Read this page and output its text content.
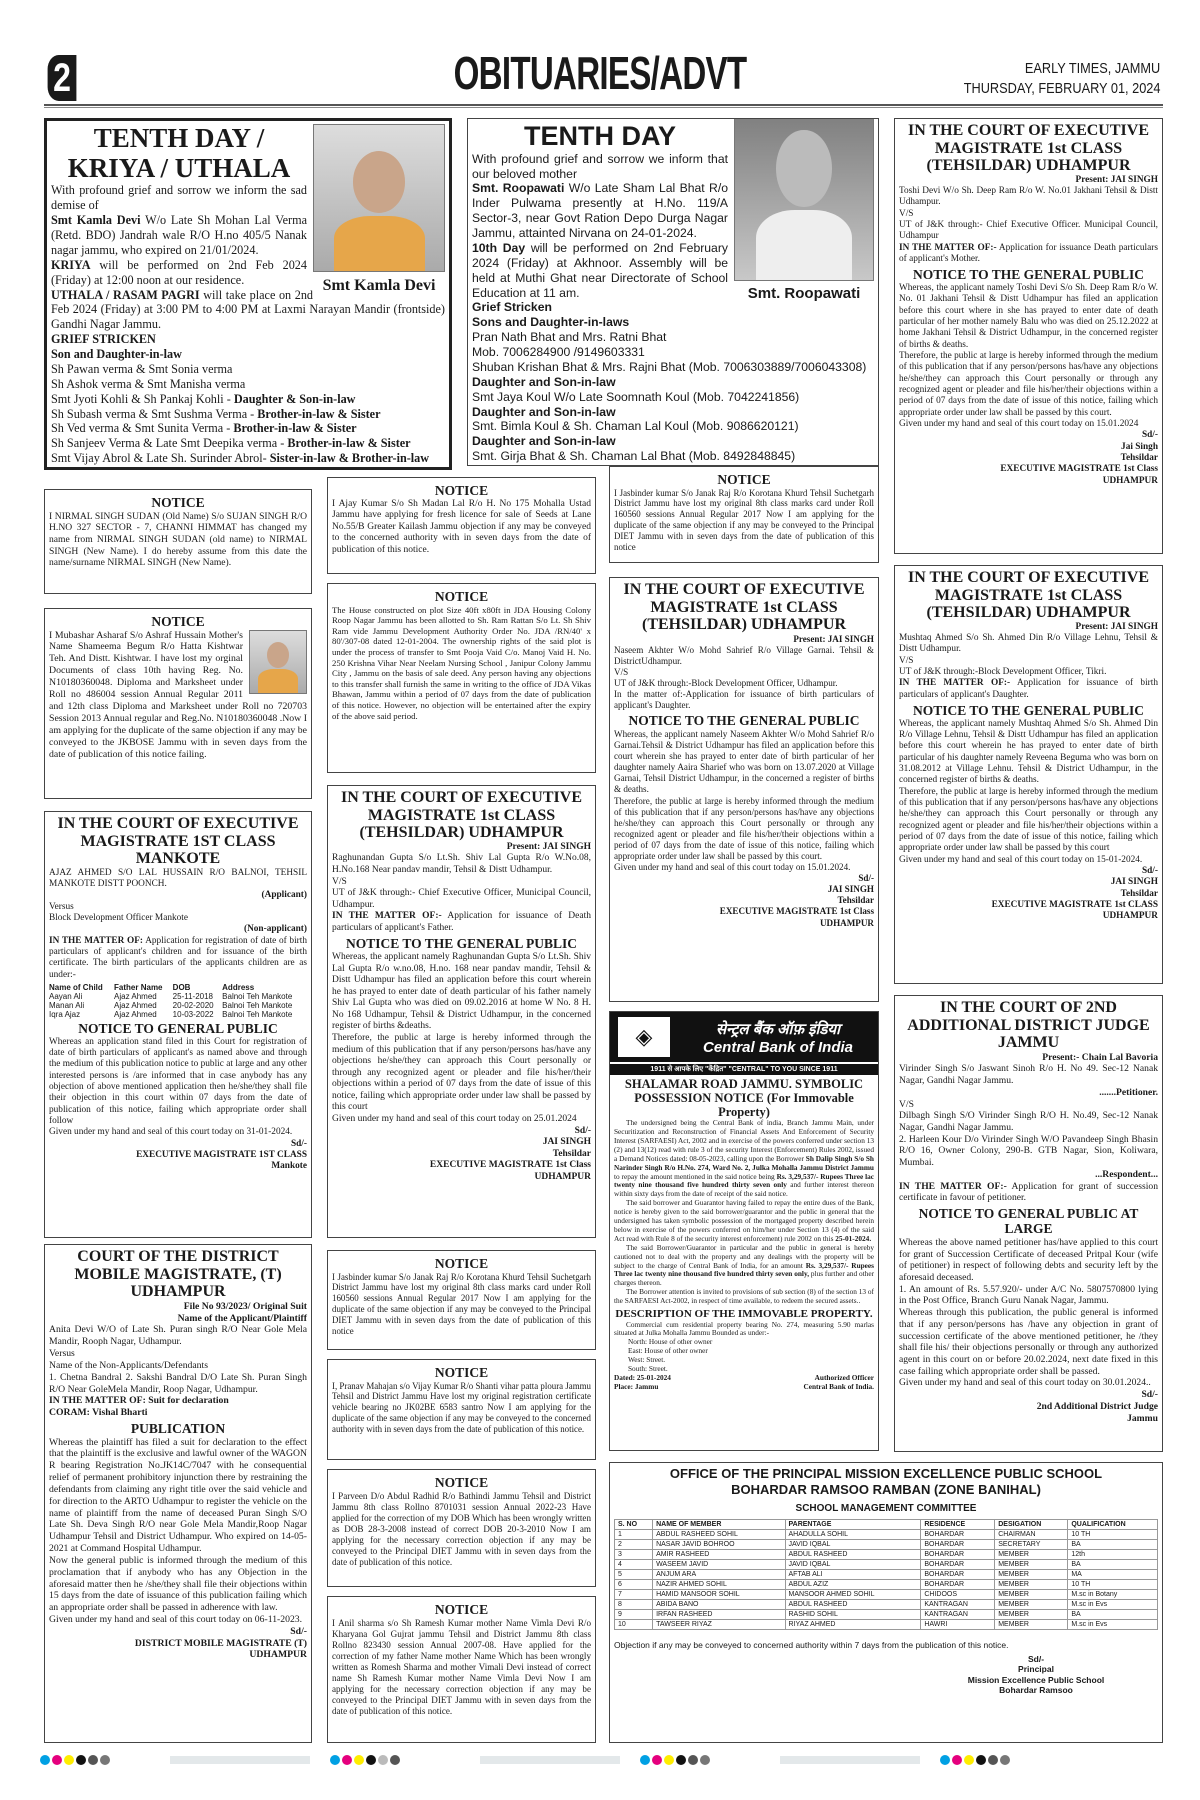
2	OBITUARIES/ADVT	EARLY TIMES, JAMMU
THURSDAY, FEBRUARY 01, 2024
Smt Kamla Devi
TENTH DAY / KRIYA / UTHALA
With profound grief and sorrow we inform the sad demise of
Smt Kamla Devi W/o Late Sh Mohan Lal Verma (Retd. BDO) Jandrah wale R/O H.no 405/5 Nanak nagar jammu, who expired on 21/01/2024.
KRIYA will be performed on 2nd Feb 2024 (Friday) at 12:00 noon at our residence.
UTHALA / RASAM PAGRI will take place on 2nd Feb 2024 (Friday) at 3:00 PM to 4:00 PM at Laxmi Narayan Mandir (frontside) Gandhi Nagar Jammu.
GRIEF STRICKEN
Son and Daughter-in-law
Sh Pawan verma & Smt Sonia verma
Sh Ashok verma & Smt Manisha verma
Smt Jyoti Kohli & Sh Pankaj Kohli - Daughter & Son-in-law
Sh Subash verma & Smt Sushma Verma - Brother-in-law & Sister
Sh Ved verma & Smt Sunita Verma - Brother-in-law & Sister
Sh Sanjeev Verma & Late Smt Deepika verma - Brother-in-law & Sister
Smt Vijay Abrol & Late Sh. Surinder Abrol- Sister-in-law & Brother-in-law
Smt. Roopawati
TENTH DAY
With profound grief and sorrow we inform that our beloved mother
Smt. Roopawati W/o Late Sham Lal Bhat R/o Inder Pulwama presently at H.No. 119/A Sector-3, near Govt Ration Depo Durga Nagar Jammu, attainted Nirvana on 24-01-2024.
10th Day will be performed on 2nd February 2024 (Friday) at Akhnoor. Assembly will be held at Muthi Ghat near Directorate of School Education at 11 am.
Grief Stricken
Sons and Daughter-in-laws
Pran Nath Bhat and Mrs. Ratni Bhat
Mob. 7006284900 /9149603331
Shuban Krishan Bhat & Mrs. Rajni Bhat (Mob. 7006303889/7006043308)
Daughter and Son-in-law
Smt Jaya Koul W/o Late Soomnath Koul (Mob. 7042241856)
Daughter and Son-in-law
Smt. Bimla Koul & Sh. Chaman Lal Koul (Mob. 9086620121)
Daughter and Son-in-law
Smt. Girja Bhat & Sh. Chaman Lal Bhat (Mob. 8492848845)
IN THE COURT OF EXECUTIVE MAGISTRATE 1st CLASS (TEHSILDAR) UDHAMPUR
Present: JAI SINGH
Toshi Devi W/o Sh. Deep Ram R/o W. No.01 Jakhani Tehsil & Distt Udhampur.
V/S
UT of J&K through:- Chief Executive Officer. Municipal Council, Udhampur
IN THE MATTER OF:- Application for issuance Death particulars of applicant's Mother.
NOTICE TO THE GENERAL PUBLIC
Whereas, the applicant namely Toshi Devi S/o Sh. Deep Ram R/o W. No. 01 Jakhani Tehsil & Distt Udhampur has filed an application before this court where in she has prayed to enter date of death particular of her mother namely Balu who was died on 25.12.2022 at home Jakhani Tehsil & District Udhampur, in the concerned register of births & deaths.
Therefore, the public at large is hereby informed through the medium of this publication that if any person/persons has/have any objections he/she/they can approach this Court personally or through any recognized agent or pleader and file his/her/their objections within a period of 07 days from the date of issue of this notice, failing which appropriate order under law shall be passed by this court.
Given under my hand and seal of this court today on 15.01.2024
Sd/-
Jai Singh
Tehsildar
EXECUTIVE MAGISTRATE 1st Class
UDHAMPUR
NOTICE
I NIRMAL SINGH SUDAN (Old Name) S/o SUJAN SINGH R/O H.NO 327 SECTOR - 7, CHANNI HIMMAT has changed my name from NIRMAL SINGH SUDAN (old name) to NIRMAL SINGH (New Name). I do hereby assume from this date the name/surname NIRMAL SINGH (New Name).
NOTICE
I Mubashar Asharaf S/o Ashraf Hussain Mother's Name Shameema Begum R/o Hatta Kishtwar Teh. And Distt. Kishtwar. I have lost my orginal Documents of class 10th having Reg. No. N10180360048. Diploma and Marksheet under Roll no 486004 session Annual Regular 2011 and 12th class Diploma and Marksheet under Roll no 720703 Session 2013 Annual regular and Reg.No. N10180360048 .Now I am applying for the duplicate of the same objection if any may be conveyed to the JKBOSE Jammu with in seven days from the date of publication of this notice failing.
IN THE COURT OF EXECUTIVE MAGISTRATE 1ST CLASS MANKOTE
AJAZ AHMED S/O LAL HUSSAIN R/O BALNOI, TEHSIL MANKOTE DISTT POONCH.
(Applicant)
Versus
Block Development Officer Mankote
(Non-applicant)
IN THE MATTER OF: Application for registration of date of birth particulars of applicant's children and for issuance of the birth certificate. The birth particulars of the applicants children are as under:-
Name of Child	Father Name	DOB	Address
Aayan Ali	Ajaz Ahmed	25-11-2018	Balnoi Teh Mankote
Manan Ali	Ajaz Ahmed	20-02-2020	Balnoi Teh Mankote
Iqra Ajaz	Ajaz Ahmed	10-03-2022	Balnoi Teh Mankote
NOTICE TO GENERAL PUBLIC
Whereas an application stand filed in this Court for registration of date of birth particulars of applicant's as named above and through the medium of this publication notice to public at large and any other interested persons is /are informed that in case anybody has any objection of above mentioned application then he/she/they shall file their objection in this court within 07 days from the date of publication of this notice, failing which appropriate order shall follow
Given under my hand and seal of this court today on 31-01-2024.
Sd/-
EXECUTIVE MAGISTRATE 1ST CLASS
Mankote
COURT OF THE DISTRICT MOBILE MAGISTRATE, (T) UDHAMPUR
File No 93/2023/ Original Suit
Name of the Applicant/Plaintiff
Anita Devi W/O of Late Sh. Puran singh R/O Near Gole Mela Mandir, Rooph Nagar, Udhampur.
Versus
Name of the Non-Applicants/Defendants
1. Chetna Bandral 2. Sakshi Bandral D/O Late Sh. Puran Singh R/O Near GoleMela Mandir, Roop Nagar, Udhampur.
IN THE MATTER OF: Suit for declaration
CORAM: Vishal Bharti
PUBLICATION
Whereas the plaintiff has filed a suit for declaration to the effect that the plaintiff is the exclusive and lawful owner of the WAGON R bearing Registration No.JK14C/7047 with he consequential relief of permanent prohibitory injunction there by restraining the defendants from claiming any right title over the said vehicle and for direction to the ARTO Udhampur to register the vehicle on the name of plaintiff from the name of deceased Puran Singh S/O Late Sh. Deva Singh R/O near Gole Mela Mandir,Roop Nagar Udhampur Tehsil and District Udhampur. Who expired on 14-05-2021 at Command Hospital Udhampur.
Now the general public is informed through the medium of this proclamation that if anybody who has any Objection in the aforesaid matter then he /she/they shall file their objections within 15 days from the date of issuance of this publication failing which an appropriate order shall be passed in adherence with law.
Given under my hand and seal of this court today on 06-11-2023.
Sd/-
DISTRICT MOBILE MAGISTRATE (T)
UDHAMPUR
NOTICE
I Ajay Kumar S/o Sh Madan Lal R/o H. No 175 Mohalla Ustad Jammu have applying for fresh licence for sale of Seeds at Lane No.55/B Greater Kailash Jammu objection if any may be conveyed to the concerned authority with in seven days from the date of publication of this notice.
NOTICE
The House constructed on plot Size 40ft x80ft in JDA Housing Colony Roop Nagar Jammu has been allotted to Sh. Ram Rattan S/o Lt. Sh Shiv Ram vide Jammu Development Authority Order No. JDA /RN/40' x 80'/307-08 dated 12-01-2004. The ownership rights of the said plot is under the process of transfer to Smt Pooja Vaid C/o. Manoj Vaid H. No. 250 Krishna Vihar Near Neelam Nursing School , Janipur Colony Jammu City , Jammu on the basis of sale deed. Any person having any objections to this transfer shall furnish the same in writing to the office of JDA Vikas Bhawan, Jammu within a period of 07 days from the date of publication of this notice. However, no objection will be entertained after the expiry of the above said period.
IN THE COURT OF EXECUTIVE MAGISTRATE 1st CLASS (TEHSILDAR) UDHAMPUR
Present: JAI SINGH
Raghunandan Gupta S/o Lt.Sh. Shiv Lal Gupta R/o W.No.08, H.No.168 Near pandav mandir, Tehsil & Distt Udhampur.
V/S
UT of J&K through:- Chief Executive Officer, Municipal Council, Udhampur.
IN THE MATTER OF:- Application for issuance of Death particulars of applicant's Father.
NOTICE TO THE GENERAL PUBLIC
Whereas, the applicant namely Raghunandan Gupta S/o Lt.Sh. Shiv Lal Gupta R/o w.no.08, H.no. 168 near pandav mandir, Tehsil & Distt Udhampur has filed an application before this court wherein he has prayed to enter date of death particular of his father namely Shiv Lal Gupta who was died on 09.02.2016 at home W No. 8 H. No 168 Udhampur, Tehsil & District Udhampur, in the concerned register of births &deaths.
Therefore, the public at large is hereby informed through the medium of this publication that if any person/persons has/have any objections he/she/they can approach this Court personally or through any recognized agent or pleader and file his/her/their objections within a period of 07 days from the date of issue of this notice, failing which appropriate order under law shall be passed by this court
Given under my hand and seal of this court today on 25.01.2024
Sd/-
JAI SINGH
Tehsildar
EXECUTIVE MAGISTRATE 1st Class
UDHAMPUR
NOTICE
I Jasbinder kumar S/o Janak Raj R/o Korotana Khurd Tehsil Suchetgarh District Jammu have lost my original 8th class marks card under Roll 160560 sessions Annual Regular 2017 Now I am applying for the duplicate of the same objection if any may be conveyed to the Principal DIET Jammu with in seven days from the date of publication of this notice
NOTICE
I, Pranav Mahajan s/o Vijay Kumar R/o Shanti vihar patta ploura Jammu Tehsil and District Jammu Have lost my original registration certificate vehicle bearing no JK02BE 6583 santro Now I am applying for the duplicate of the same objection if any may be conveyed to the concerned authority with in seven days from the date of publication of this notice.
NOTICE
I Parveen D/o Abdul Radhid R/o Bathindi Jammu Tehsil and District Jammu 8th class Rollno 8701031 session Annual 2022-23 Have applied for the correction of my DOB Which has been wrongly written as DOB 28-3-2008 instead of correct DOB 20-3-2010 Now I am applying for the necessary correction objection if any may be conveyed to the Principal DIET Jammu with in seven days from the date of publication of this notice.
NOTICE
I Anil sharma s/o Sh Ramesh Kumar mother Name Vimla Devi R/o Kharyana Gol Gujrat jammu Tehsil and District Jammu 8th class Rollno 823430 session Annual 2007-08. Have applied for the correction of my father Name mother Name Which has been wrongly written as Romesh Sharma and mother Vimali Devi instead of correct name Sh Ramesh Kumar mother Name Vimla Devi Now I am applying for the necessary correction objection if any may be conveyed to the Principal DIET Jammu with in seven days from the date of publication of this notice.
NOTICE
I Jasbinder kumar S/o Janak Raj R/o Korotana Khurd Tehsil Suchetgarh District Jammu have lost my original 8th class marks card under Roll 160560 sessions Annual Regular 2017 Now I am applying for the duplicate of the same objection if any may be conveyed to the Principal DIET Jammu with in seven days from the date of publication of this notice
IN THE COURT OF EXECUTIVE MAGISTRATE 1st CLASS (TEHSILDAR) UDHAMPUR
Present: JAI SINGH
Naseem Akhter W/o Mohd Sahrief R/o Village Garnai. Tehsil & DistrictUdhampur.
V/S
UT of J&K through:-Block Development Officer, Udhampur.
In the matter of:-Application for issuance of birth particulars of applicant's Daughter.
NOTICE TO THE GENERAL PUBLIC
Whereas, the applicant namely Naseem Akhter W/o Mohd Sahrief R/o Garnai.Tehsil & District Udhampur has filed an application before this court wherein she has prayed to enter date of birth particular of her daughter namely Aaira Sharief who was born on 13.07.2020 at Village Garnai, Tehsil District Udhampur, in the concerned a register of births & deaths.
Therefore, the public at large is hereby informed through the medium of this publication that if any person/persons has/have any objections he/she/they can approach this Court personally or through any recognized agent or pleader and file his/her/their objections within a period of 07 days from the date of issue of this notice, failing which appropriate order under law shall be passed by this court.
Given under my hand and seal of this court today on 15.01.2024.
Sd/-
JAI SINGH
Tehsildar
EXECUTIVE MAGISTRATE 1st Class
UDHAMPUR
◈	सेन्ट्रल बैंक ऑफ़ इंडिया
Central Bank of India
1911 से आपके लिए "केंद्रित" "CENTRAL" TO YOU SINCE 1911
SHALAMAR ROAD JAMMU. SYMBOLIC POSSESSION NOTICE (For Immovable Property)
The undersigned being the Central Bank of india, Branch Jammu Main, under Securitization and Reconstruction of Financial Assets And Enforcement of Security Interest (SARFAESI) Act, 2002 and in exercise of the powers conferred under section 13 (2) and 13(12) read with rule 3 of the security Interest (Enforcement) Rules 2002, issued a Demand Notices dated: 08-05-2023, calling upon the Borrower Sh Dalip Singh S/o Sh Narinder Singh R/o H.No. 274, Ward No. 2, Julka Mohalla Jammu District Jammu to repay the amount mentioned in the said notice being Rs. 3,29,537/- Rupees Three lac twenty nine thousand five hundred thirty seven only and further interest thereon within sixty days from the date of receipt of the said notice.
The said borrower and Guarantor having failed to repay the entire dues of the Bank, notice is hereby given to the said borrower/guarantor and the public in general that the undersigned has taken symbolic possession of the mortgaged property described herein below in exercise of the powers conferred on him/her under Section 13 (4) of the said Act read with Rule 8 of the security interest enforcement) rule 2002 on this 25-01-2024.
The said Borrower/Guarantor in particular and the public in general is hereby cautioned not to deal with the property and any dealings with the property will be subject to the charge of Central Bank of India, for an amount Rs. 3,29,537/- Rupees Three lac twenty nine thousand five hundred thirty seven only, plus further and other charges thereon.
The Borrower attention is invited to provisions of sub section (8) of the section 13 of the SARFAESI Act-2002, in respect of time available, to redeem the secured assets..
DESCRIPTION OF THE IMMOVABLE PROPERTY.
Commercial cum residential property bearing No. 274, measuring 5.90 marlas situated at Julka Mohalla Jammu Bounded as under:-
North: House of other owner
East: House of other owner
West: Street.
South: Street.
Dated: 25-01-2024	Authorized Officer
Place: Jammu	Central Bank of India.
IN THE COURT OF EXECUTIVE MAGISTRATE 1st CLASS (TEHSILDAR) UDHAMPUR
Present: JAI SINGH
Mushtaq Ahmed S/o Sh. Ahmed Din R/o Village Lehnu, Tehsil & Distt Udhampur.
V/S
UT of J&K through:-Block Development Officer, Tikri.
IN THE MATTER OF:- Application for issuance of birth particulars of applicant's Daughter.
NOTICE TO THE GENERAL PUBLIC
Whereas, the applicant namely Mushtaq Ahmed S/o Sh. Ahmed Din R/o Village Lehnu, Tehsil & Distt Udhampur has filed an application before this court wherein he has prayed to enter date of birth particular of his daughter namely Reveena Beguma who was born on 31.08.2012 at Village Lehnu. Tehsil & District Udhampur, in the concerned register of births & deaths.
Therefore, the public at large is hereby informed through the medium of this publication that if any person/persons has/have any objections he/she/they can approach this Court personally or through any recognized agent or pleader and file his/her/their objections within a period of 07 days from the date of issue of this notice, failing which appropriate order under law shall be passed by this court
Given under my hand and seal of this court today on 15-01-2024.
Sd/-
JAI SINGH
Tehsildar
EXECUTIVE MAGISTRATE 1st CLASS
UDHAMPUR
IN THE COURT OF 2ND ADDITIONAL DISTRICT JUDGE JAMMU
Present:- Chain Lal Bavoria
Virinder Singh S/o Jaswant Sinoh R/o H. No 49. Sec-12 Nanak Nagar, Gandhi Nagar Jammu.
.......Petitioner.
V/S
Dilbagh Singh S/O Virinder Singh R/O H. No.49, Sec-12 Nanak Nagar, Gandhi Nagar Jammu.
2. Harleen Kour D/o Virinder Singh W/O Pavandeep Singh Bhasin R/O 16, Owner Colony, 290-B. GTB Nagar, Sion, Koliwara, Mumbai.
...Respondent...
IN THE MATTER OF:- Application for grant of succession certificate in favour of petitioner.
NOTICE TO GENERAL PUBLIC AT LARGE
Whereas the above named petitioner has/have applied to this court for grant of Succession Certificate of deceased Pritpal Kour (wife of petitioner) in respect of following debts and security left by the aforesaid deceased.
1. An amount of Rs. 5.57.920/- under A/C No. 5807570800 lying in the Post Office, Branch Guru Nanak Nagar, Jammu.
Whereas through this publication, the public general is informed that if any person/persons has /have any objection in grant of succession certificate of the above mentioned petitioner, he /they shall file his/ their objections personally or through any authorized agent in this court on or before 20.02.2024, next date fixed in this case failing which appropriate order shall be passed.
Given under my hand and seal of this court today on 30.01.2024..
Sd/-
2nd Additional District Judge
Jammu
OFFICE OF THE PRINCIPAL MISSION EXCELLENCE PUBLIC SCHOOL BOHARDAR RAMSOO RAMBAN (ZONE BANIHAL)
SCHOOL MANAGEMENT COMMITTEE
S. NO	NAME OF MEMBER	PARENTAGE	RESIDENCE	DESIGATION	QUALIFICATION
1	ABDUL RASHEED SOHIL	AHADULLA SOHIL	BOHARDAR	CHAIRMAN	10 TH
2	NASAR JAVID BOHROO	JAVID IQBAL	BOHARDAR	SECRETARY	BA
3	AMIR RASHEED	ABDUL RASHEED	BOHARDAR	MEMBER	12th
4	WASEEM JAVID	JAVID IQBAL	BOHARDAR	MEMBER	BA
5	ANJUM ARA	AFTAB ALI	BOHARDAR	MEMBER	MA
6	NAZIR AHMED SOHIL	ABDUL AZIZ	BOHARDAR	MEMBER	10 TH
7	HAMID MANSOOR SOHIL	MANSOOR AHMED SOHIL	CHIDOOS	MEMBER	M.sc in Botany
8	ABIDA BANO	ABDUL RASHEED	KANTRAGAN	MEMBER	M.sc in Evs
9	IRFAN RASHEED	RASHID SOHIL	KANTRAGAN	MEMBER	BA
10	TAWSEER RIYAZ	RIYAZ AHMED	HAWRI	MEMBER	M.sc in Evs
Objection if any may be conveyed to concerned authority within 7 days from the publication of this notice.
Sd/-
Principal
Mission Excellence Public School
Bohardar Ramsoo
